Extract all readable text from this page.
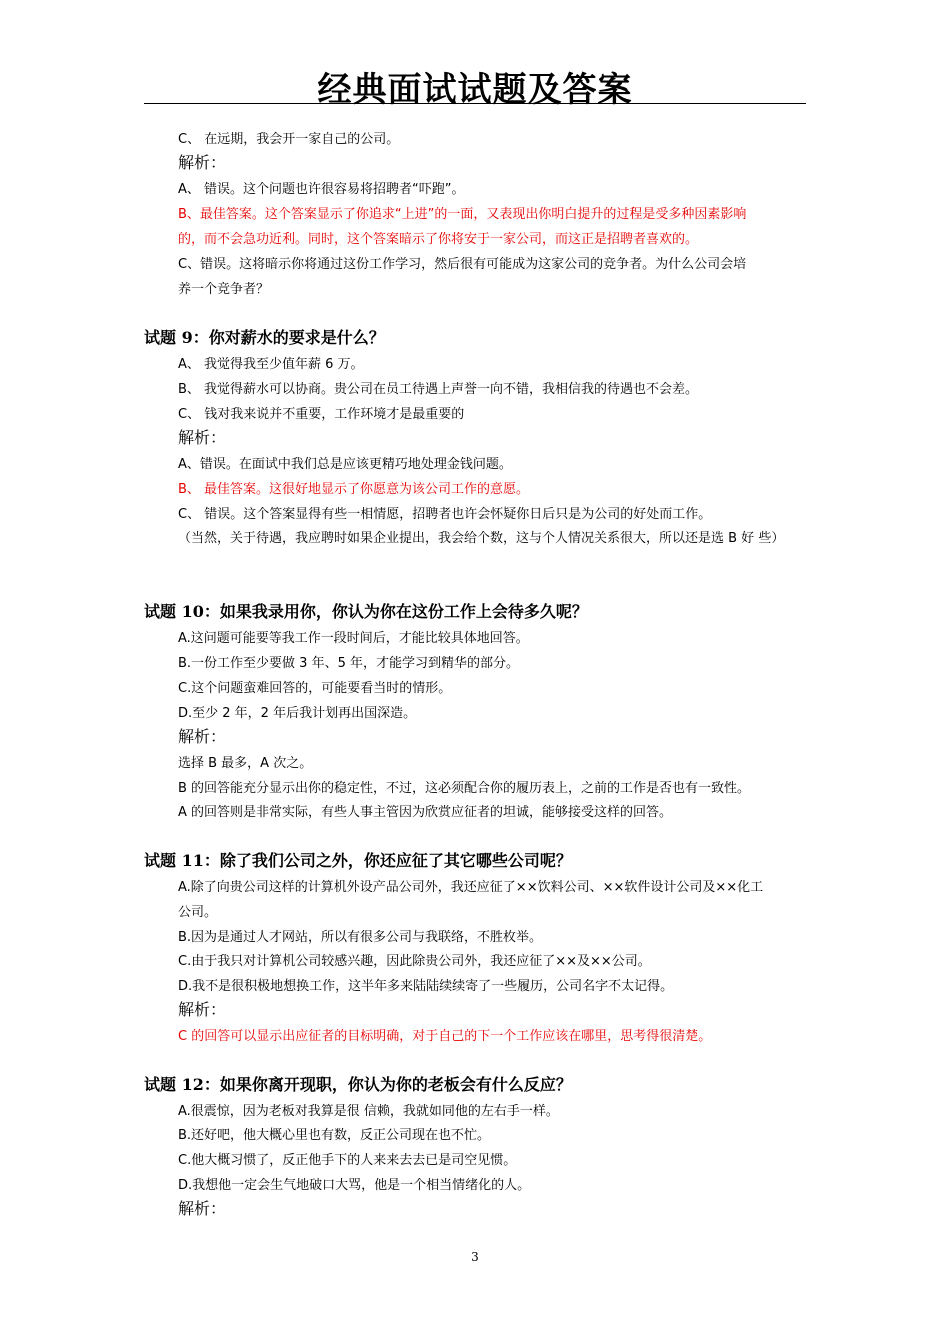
经典面试试题及答案
C、 在远期，我会开一家自己的公司。
解析：
A、 错误。这个问题也许很容易将招聘者“吓跑”。
B、最佳答案。这个答案显示了你追求“上进”的一面，又表现出你明白提升的过程是受多种因素影响
的，而不会急功近利。同时，这个答案暗示了你将安于一家公司，而这正是招聘者喜欢的。
C、错误。这将暗示你将通过这份工作学习，然后很有可能成为这家公司的竞争者。为什么公司会培
养一个竞争者？
试题 9：你对薪水的要求是什么？
A、 我觉得我至少值年薪 6 万。
B、 我觉得薪水可以协商。贵公司在员工待遇上声誉一向不错，我相信我的待遇也不会差。
C、 钱对我来说并不重要，工作环境才是最重要的
解析：
A、错误。在面试中我们总是应该更精巧地处理金钱问题。
B、 最佳答案。这很好地显示了你愿意为该公司工作的意愿。
C、 错误。这个答案显得有些一相情愿，招聘者也许会怀疑你日后只是为公司的好处而工作。
（当然，关于待遇，我应聘时如果企业提出，我会给个数，这与个人情况关系很大，所以还是选 B 好 些）
试题 10：如果我录用你，你认为你在这份工作上会待多久呢？
A.这问题可能要等我工作一段时间后，才能比较具体地回答。
B.一份工作至少要做 3 年、5 年，才能学习到精华的部分。
C.这个问题蛮难回答的，可能要看当时的情形。
D.至少 2 年，2 年后我计划再出国深造。
解析：
选择 B 最多，A 次之。
B 的回答能充分显示出你的稳定性，不过，这必须配合你的履历表上，之前的工作是否也有一致性。
A 的回答则是非常实际，有些人事主管因为欣赏应征者的坦诚，能够接受这样的回答。
试题 11：除了我们公司之外，你还应征了其它哪些公司呢？
A.除了向贵公司这样的计算机外设产品公司外，我还应征了××饮料公司、××软件设计公司及××化工
公司。
B.因为是通过人才网站，所以有很多公司与我联络，不胜枚举。
C.由于我只对计算机公司较感兴趣，因此除贵公司外，我还应征了××及××公司。
D.我不是很积极地想换工作，这半年多来陆陆续续寄了一些履历，公司名字不太记得。
解析：
C 的回答可以显示出应征者的目标明确，对于自己的下一个工作应该在哪里，思考得很清楚。
试题 12：如果你离开现职，你认为你的老板会有什么反应？
A.很震惊，因为老板对我算是很 信赖，我就如同他的左右手一样。
B.还好吧，他大概心里也有数，反正公司现在也不忙。
C.他大概习惯了，反正他手下的人来来去去已是司空见惯。
D.我想他一定会生气地破口大骂，他是一个相当情绪化的人。
解析：
3
